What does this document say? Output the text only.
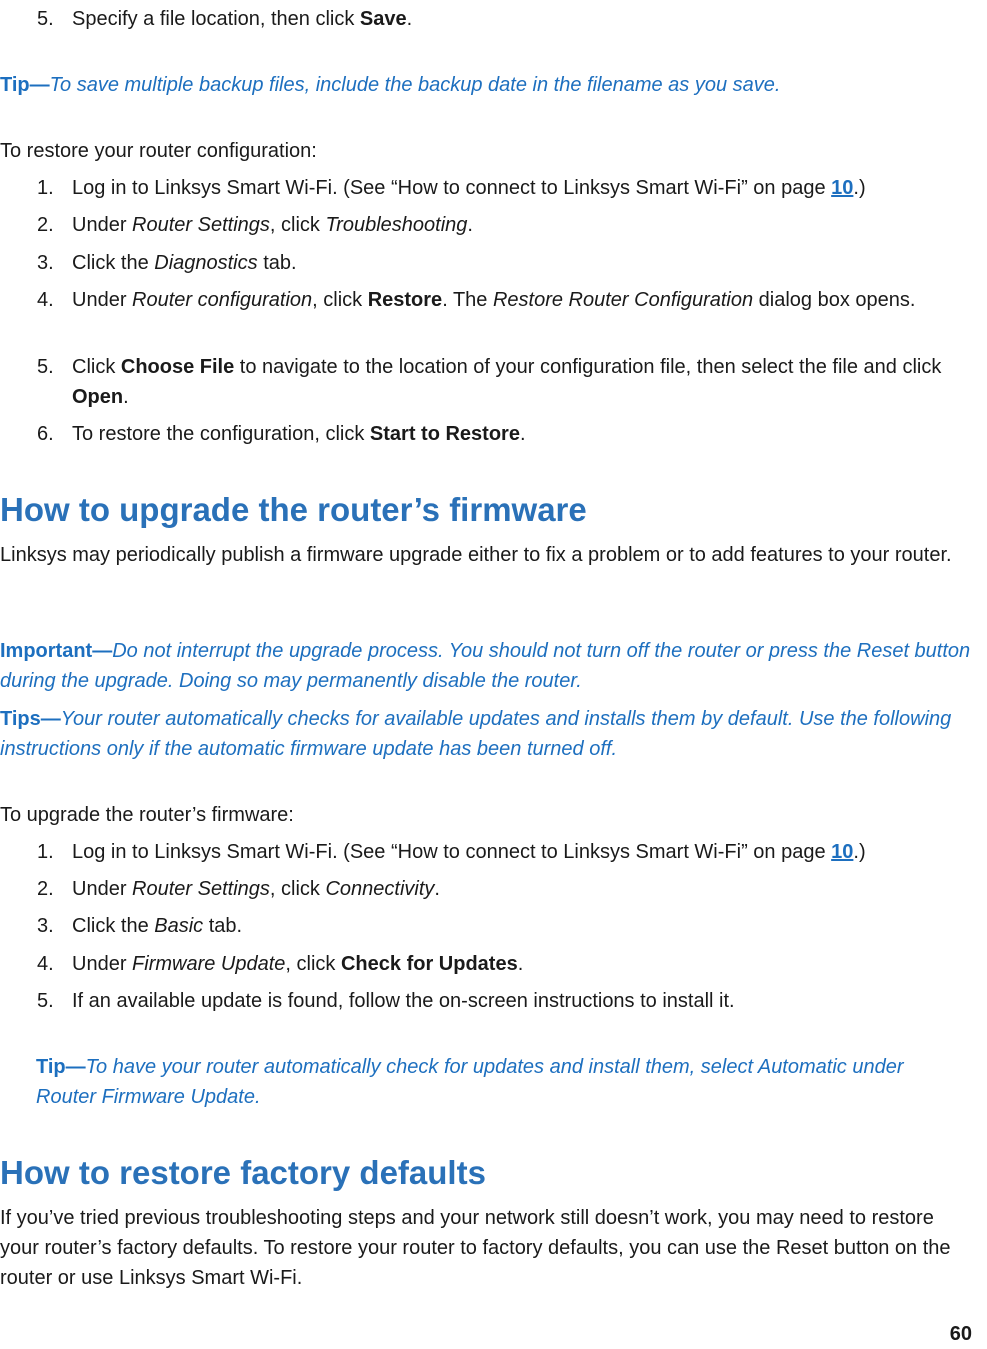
5. Specify a file location, then click Save.
Tip—To save multiple backup files, include the backup date in the filename as you save.
To restore your router configuration:
1. Log in to Linksys Smart Wi-Fi. (See “How to connect to Linksys Smart Wi-Fi” on page 10.)
2. Under Router Settings, click Troubleshooting.
3. Click the Diagnostics tab.
4. Under Router configuration, click Restore. The Restore Router Configuration dialog box opens.
5. Click Choose File to navigate to the location of your configuration file, then select the file and click Open.
6. To restore the configuration, click Start to Restore.
How to upgrade the router’s firmware
Linksys may periodically publish a firmware upgrade either to fix a problem or to add features to your router.
Important—Do not interrupt the upgrade process. You should not turn off the router or press the Reset button during the upgrade. Doing so may permanently disable the router.
Tips—Your router automatically checks for available updates and installs them by default. Use the following instructions only if the automatic firmware update has been turned off.
To upgrade the router’s firmware:
1. Log in to Linksys Smart Wi-Fi. (See “How to connect to Linksys Smart Wi-Fi” on page 10.)
2. Under Router Settings, click Connectivity.
3. Click the Basic tab.
4. Under Firmware Update, click Check for Updates.
5. If an available update is found, follow the on-screen instructions to install it.
Tip—To have your router automatically check for updates and install them, select Automatic under Router Firmware Update.
How to restore factory defaults
If you’ve tried previous troubleshooting steps and your network still doesn’t work, you may need to restore your router’s factory defaults. To restore your router to factory defaults, you can use the Reset button on the router or use Linksys Smart Wi-Fi.
60
